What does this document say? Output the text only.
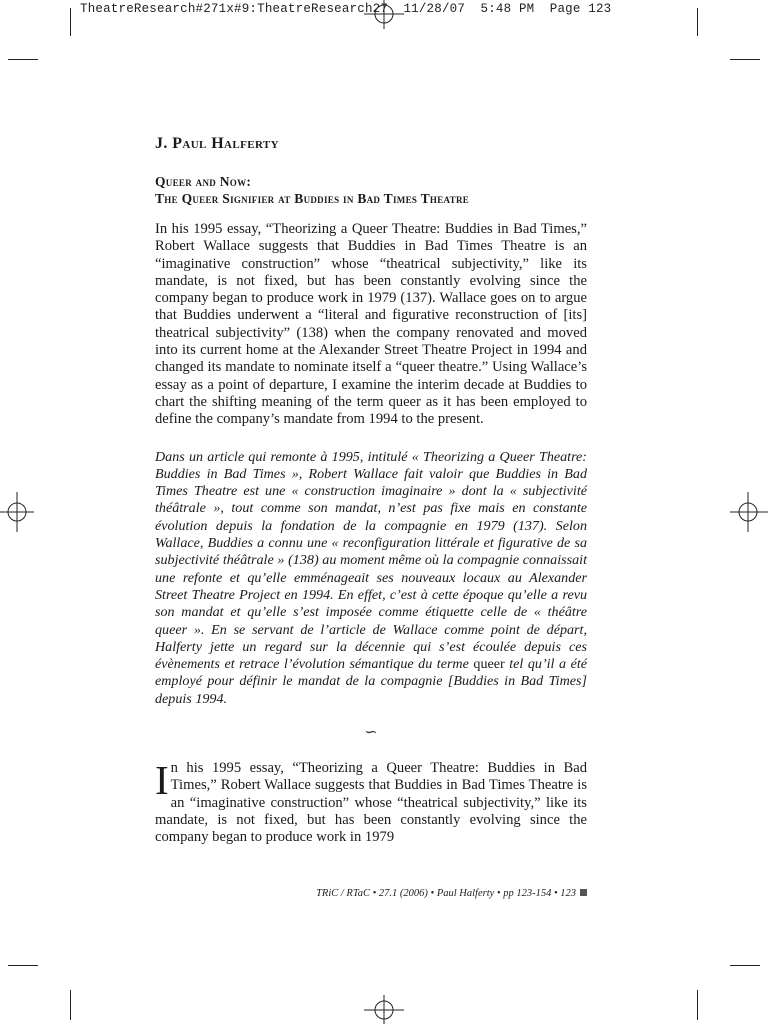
TheatreResearch#271x#9:TheatreResearch27  11/28/07  5:48 PM  Page 123
J. Paul Halferty
Queer and Now:
The Queer Signifier at Buddies in Bad Times Theatre

In his 1995 essay, “Theorizing a Queer Theatre: Buddies in Bad Times,” Robert Wallace suggests that Buddies in Bad Times Theatre is an “imaginative construction” whose “theatrical subjectivity,” like its mandate, is not fixed, but has been constantly evolving since the company began to produce work in 1979 (137). Wallace goes on to argue that Buddies underwent a “literal and figurative reconstruction of [its] theatrical subjectivity” (138) when the company renovated and moved into its current home at the Alexander Street Theatre Project in 1994 and changed its mandate to nominate itself a “queer theatre.” Using Wallace’s essay as a point of departure, I examine the interim decade at Buddies to chart the shifting meaning of the term queer as it has been employed to define the company’s mandate from 1994 to the present.

Dans un article qui remonte à 1995, intitulé « Theorizing a Queer Theatre: Buddies in Bad Times », Robert Wallace fait valoir que Buddies in Bad Times Theatre est une « construction imaginaire » dont la « subjectivité théâtrale », tout comme son mandat, n’est pas fixe mais en constante évolution depuis la fondation de la compagnie en 1979 (137). Selon Wallace, Buddies a connu une « reconfiguration littérale et figurative de sa subjectivité théâtrale » (138) au moment même où la compagnie connaissait une refonte et qu’elle emménageait ses nouveaux locaux au Alexander Street Theatre Project en 1994. En effet, c’est à cette époque qu’elle a revu son mandat et qu’elle s’est imposée comme étiquette celle de « théâtre queer ». En se servant de l’article de Wallace comme point de départ, Halferty jette un regard sur la décennie qui s’est écoulée depuis ces évènements et retrace l’évolution sémantique du terme queer tel qu’il a été employé pour définir le mandat de la compagnie [Buddies in Bad Times] depuis 1994.

∽

In his 1995 essay, “Theorizing a Queer Theatre: Buddies in Bad Times,” Robert Wallace suggests that Buddies in Bad Times Theatre is an “imaginative construction” whose “theatrical subjectivity,” like its mandate, is not fixed, but has been constantly evolving since the company began to produce work in 1979

TRiC / RTaC • 27.1 (2006) • Paul Halferty • pp 123-154 • 123
